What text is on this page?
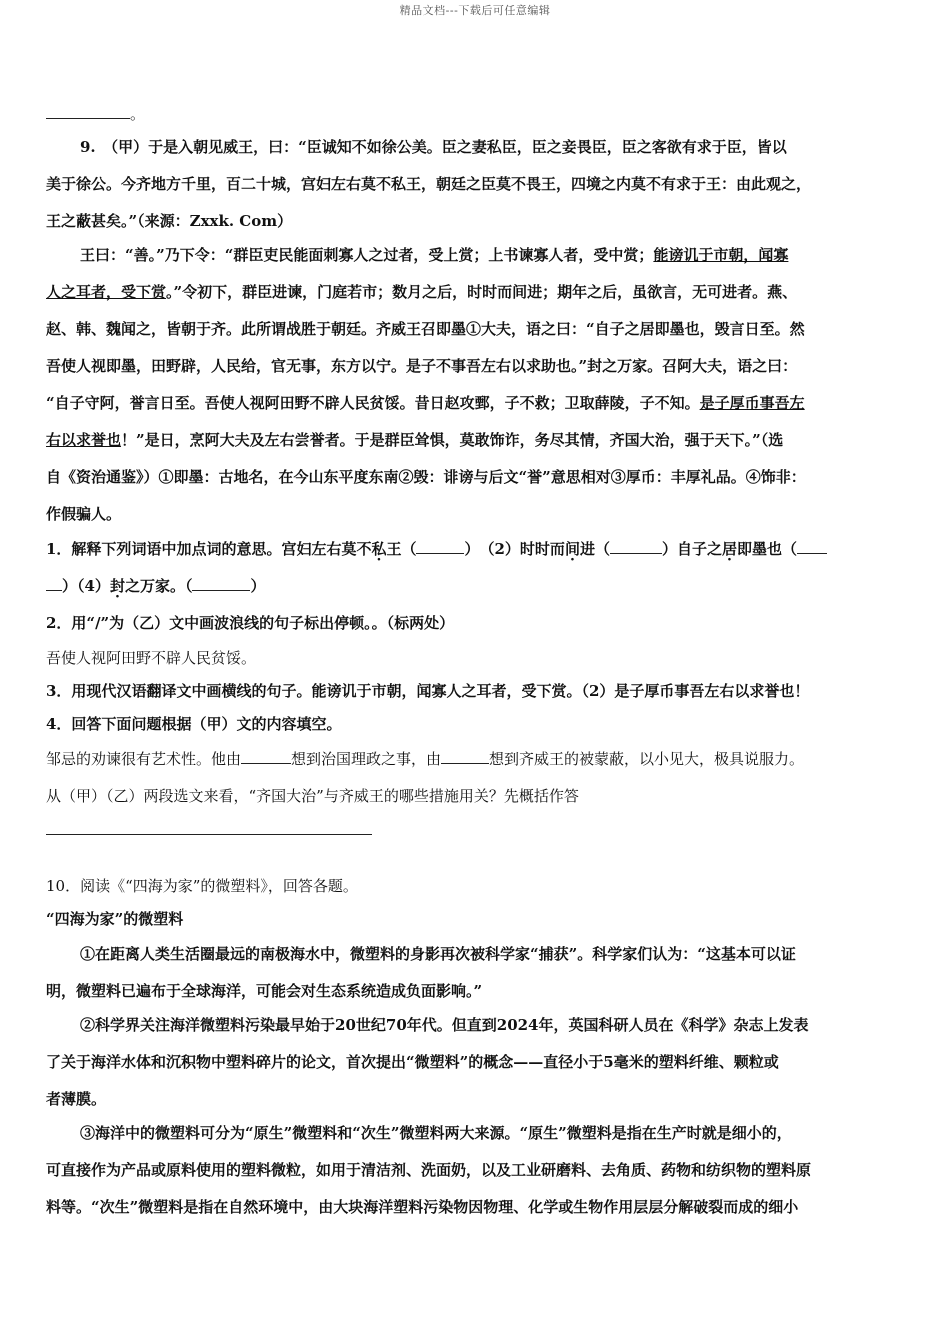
精品文档---下载后可任意编辑
。
9.　（甲）于是入朝见威王，曰：“臣诚知不如徐公美。臣之妻私臣，臣之妾畏臣，臣之客欲有求于臣，皆以
美于徐公。今齐地方千里，百二十城，宫妇左右莫不私王，朝廷之臣莫不畏王，四境之内莫不有求于王：由此观之，
王之蔽甚矣。”（来源：Zxxk. Com）
王曰：“善。”乃下令：“群臣吏民能面刺寡人之过者，受上赏；上书谏寡人者，受中赏；能谤讥于市朝，闻寡
人之耳者，受下赏。”令初下，群臣进谏，门庭若市；数月之后，时时而间进；期年之后，虽欲言，无可进者。燕、
赵、韩、魏闻之，皆朝于齐。此所谓战胜于朝廷。齐威王召即墨①大夫，语之曰：“自子之居即墨也，毁言日至。然
吾使人视即墨，田野辟，人民给，官无事，东方以宁。是子不事吾左右以求助也。”封之万家。召阿大夫，语之曰：
“自子守阿，誉言日至。吾使人视阿田野不辟人民贫馁。昔日赵攻鄄，子不救；卫取薛陵，子不知。是子厚币事吾左
右以求誉也！”是日，烹阿大夫及左右尝誉者。于是群臣耸惧，莫敢饰诈，务尽其情，齐国大治，强于天下。”（选
自《资治通鉴》）①即墨：古地名，在今山东平度东南②毁：诽谤与后文“誉”意思相对③厚币：丰厚礼品。④饰非：
作假骗人。
1．解释下列词语中加点词的意思。宫妇左右莫不私王（	）　（2）时时而间进（	）自子之居即墨也（
）（4）封之万家。（	）
2．用“/”为（乙）文中画波浪线的句子标出停顿。。（标两处）
吾使人视阿田野不辟人民贫馁。
3．用现代汉语翻译文中画横线的句子。能谤讥于市朝，闻寡人之耳者，受下赏。（2）是子厚币事吾左右以求誉也！
4．回答下面问题根据（甲）文的内容填空。
邹忌的劝谏很有艺术性。他由	想到治国理政之事，由	想到齐威王的被蒙蔽，以小见大，极具说服力。
从（甲）（乙）两段选文来看，“齐国大治”与齐威王的哪些措施用关？先概括作答
10．阅读《“四海为家”的微塑料》，回答各题。
“四海为家”的微塑料
①在距离人类生活圈最远的南极海水中，微塑料的身影再次被科学家“捕获”。科学家们认为：“这基本可以证
明，微塑料已遍布于全球海洋，可能会对生态系统造成负面影响。”
②科学界关注海洋微塑料污染最早始于20世纪70年代。但直到2024年，英国科研人员在《科学》杂志上发表
了关于海洋水体和沉积物中塑料碎片的论文，首次提出“微塑料”的概念——直径小于5毫米的塑料纤维、颗粒或
者薄膜。
③海洋中的微塑料可分为“原生”微塑料和“次生”微塑料两大来源。“原生”微塑料是指在生产时就是细小的，
可直接作为产品或原料使用的塑料微粒，如用于清洁剂、洗面奶，以及工业研磨料、去角质、药物和纺织物的塑料原
料等。“次生”微塑料是指在自然环境中，由大块海洋塑料污染物因物理、化学或生物作用层层分解破裂而成的细小
